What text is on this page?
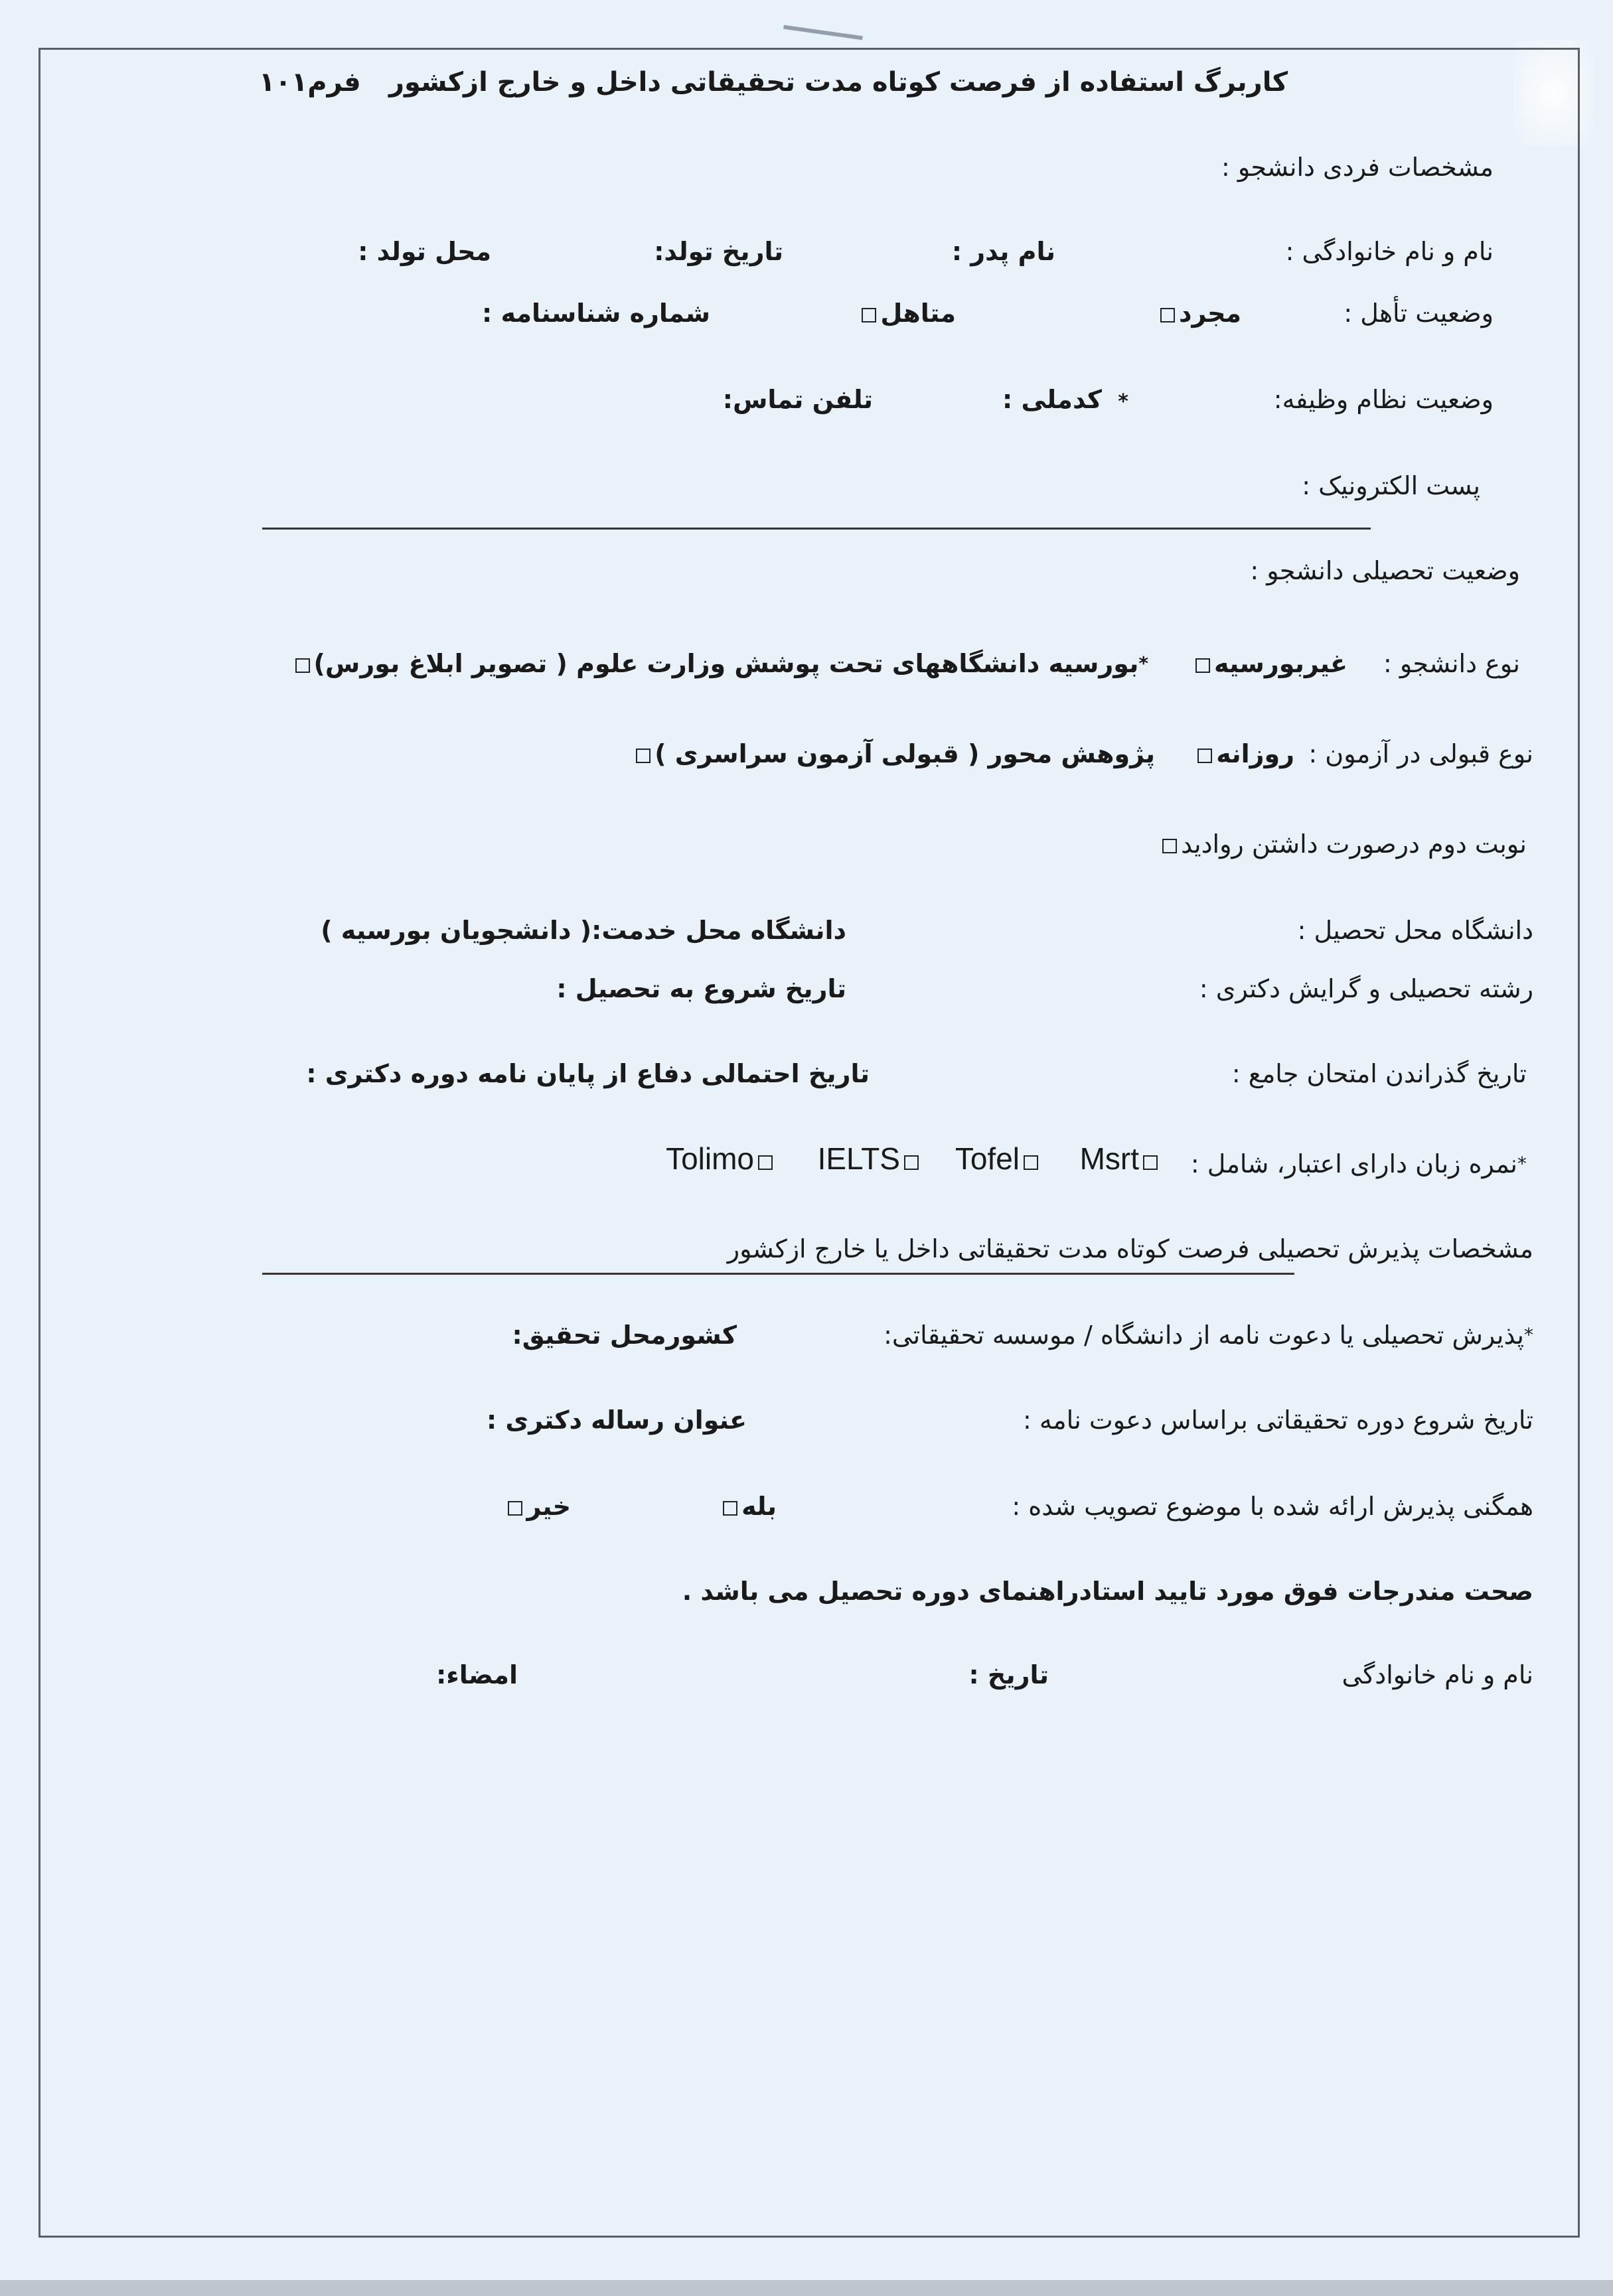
کاربرگ استفاده از فرصت کوتاه مدت تحقیقاتی داخل و خارج ازکشور
فرم۱۰۱
مشخصات فردی دانشجو :
نام و نام خانوادگی :
نام پدر :
تاریخ تولد:
محل تولد :
وضعیت تأهل :
مجرد
متاهل
شماره شناسنامه :
وضعیت نظام وظیفه:
کدملی : *
تلفن تماس:
پست الکترونیک :
وضعیت تحصیلی دانشجو :
نوع دانشجو :
غیربورسیه
*بورسیه دانشگاههای تحت پوشش وزارت علوم ( تصویر ابلاغ بورس)
نوع قبولی در آزمون :
روزانه
پژوهش محور ( قبولی آزمون سراسری )
نوبت دوم درصورت داشتن روادید
دانشگاه محل تحصیل :
دانشگاه محل خدمت:( دانشجویان بورسیه )
رشته تحصیلی و گرایش دکتری :
تاریخ شروع به تحصیل :
تاریخ گذراندن امتحان جامع :
تاریخ احتمالی دفاع از پایان نامه دوره دکتری :
*نمره زبان دارای اعتبار، شامل :
Msrt
Tofel
IELTS
Tolimo
مشخصات پذیرش تحصیلی فرصت کوتاه مدت تحقیقاتی داخل یا خارج ازکشور
*پذیرش تحصیلی یا دعوت نامه از دانشگاه / موسسه تحقیقاتی:
کشورمحل تحقیق:
تاریخ شروع دوره تحقیقاتی براساس دعوت نامه :
عنوان رساله دکتری :
همگنی پذیرش ارائه شده با موضوع تصویب شده :
بله
خیر
صحت مندرجات فوق مورد تایید استادراهنمای دوره تحصیل می باشد .
نام و نام خانوادگی
تاریخ :
امضاء:
